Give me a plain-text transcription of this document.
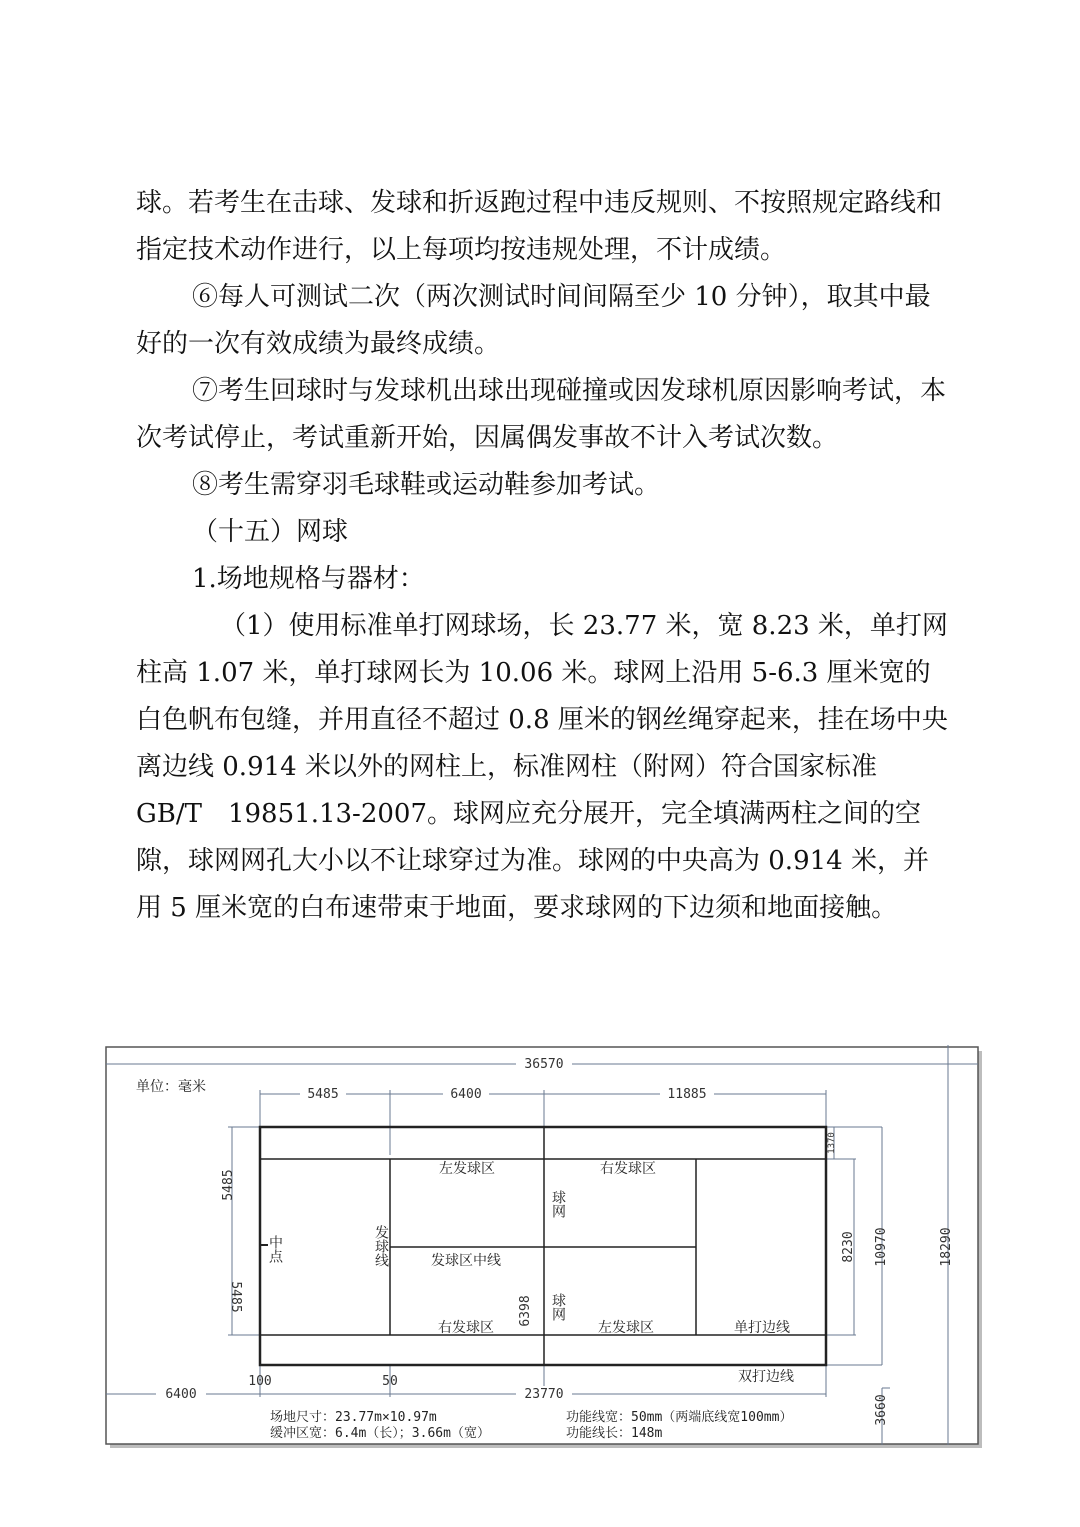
球。若考生在击球、发球和折返跑过程中违反规则、不按照规定路线和指定技术动作进行，以上每项均按违规处理，不计成绩。

⑥每人可测试二次（两次测试时间间隔至少 10 分钟），取其中最好的一次有效成绩为最终成绩。

⑦考生回球时与发球机出球出现碰撞或因发球机原因影响考试，本次考试停止，考试重新开始，因属偶发事故不计入考试次数。

⑧考生需穿羽毛球鞋或运动鞋参加考试。

（十五）网球

1.场地规格与器材：

（1）使用标准单打网球场，长 23.77 米，宽 8.23 米，单打网柱高 1.07 米，单打球网长为 10.06 米。球网上沿用 5-6.3 厘米宽的白色帆布包缝，并用直径不超过 0.8 厘米的钢丝绳穿起来，挂在场中央离边线 0.914 米以外的网柱上，标准网柱（附网）符合国家标准 GB/T　19851.13-2007。球网应充分展开，完全填满两柱之间的空隙，球网网孔大小以不让球穿过为准。球网的中央高为 0.914 米，并用 5 厘米宽的白布速带束于地面，要求球网的下边须和地面接触。

单位：毫米
36570
5485	6400	11885
5485
5485
1370
8230 10970	18290
3660
6400	23770
100	50
左发球区	右发球区
球网
球网
中点	发球线	发球区中线
6398
右发球区	左发球区	单打边线
双打边线
场地尺寸：23.77m×10.97m
缓冲区宽：6.4m（长）；3.66m（宽）
功能线宽：50mm（两端底线宽100mm）
功能线长：148m
